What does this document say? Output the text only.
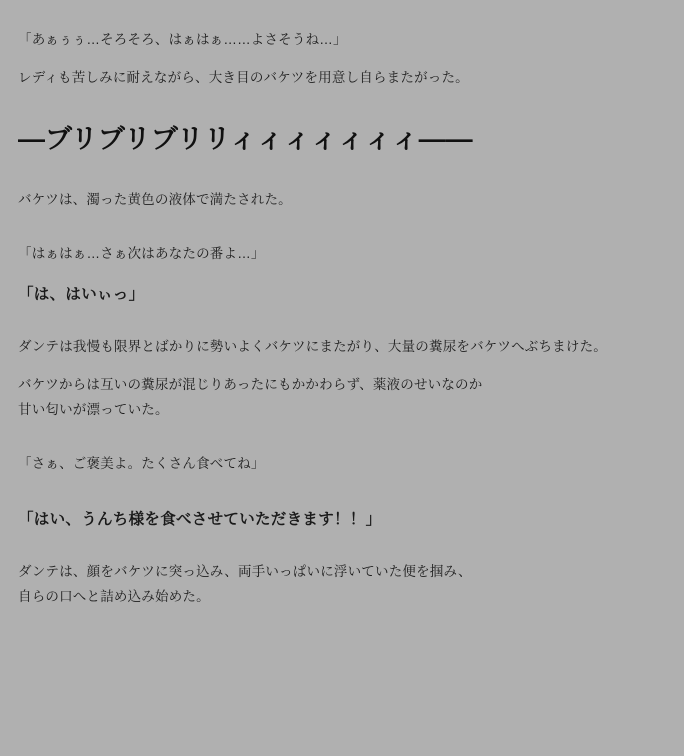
「あぁぅぅ…そろそろ、はぁはぁ……よさそうね…」
レディも苦しみに耐えながら、大き目のバケツを用意し自らまたがった。
—ブリブリブリリィィィィィィィ——
バケツは、濁った黄色の液体で満たされた。
「はぁはぁ…さぁ次はあなたの番よ…」
「は、はいぃっ」
ダンテは我慢も限界とばかりに勢いよくバケツにまたがり、大量の糞尿をバケツへぶちまけた。
バケツからは互いの糞尿が混じりあったにもかかわらず、薬液のせいなのか
甘い匂いが漂っていた。
「さぁ、ご褒美よ。たくさん食べてね」
「はい、うんち様を食べさせていただきます！！」
ダンテは、顔をバケツに突っ込み、両手いっぱいに浮いていた便を掴み、
自らの口へと詰め込み始めた。
